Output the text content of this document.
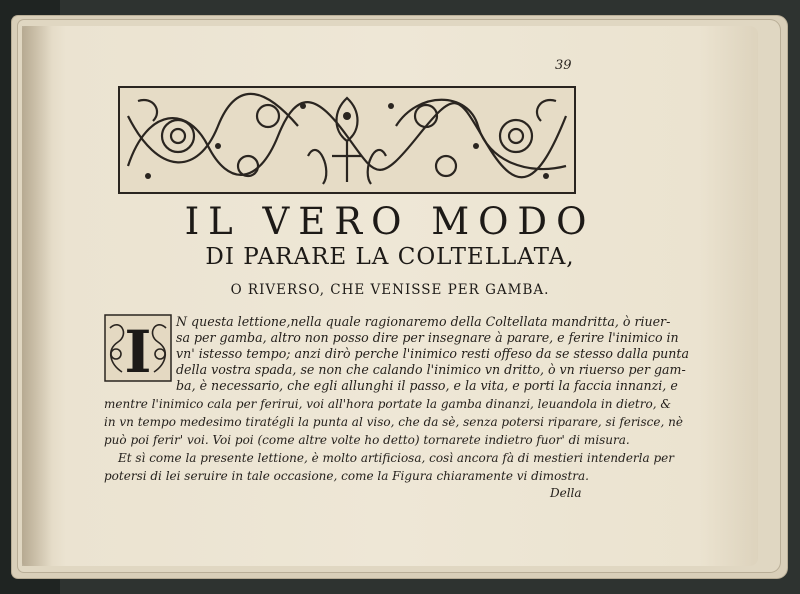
39
IL VERO MODO
DI PARARE LA COLTELLATA,
O RIVERSO, CHE VENISSE PER GAMBA.
I N questa lettione,nella quale ragionaremo della Coltellata mandritta, ò riuer-
sa per gamba, altro non posso dire per insegnare à parare, e ferire l'inimico in
vn' istesso tempo; anzi dirò perche l'inimico resti offeso da se stesso dalla punta
della vostra spada, se non che calando l'inimico vn dritto, ò vn riuerso per gam-
ba, è necessario, che egli allunghi il passo, e la vita, e porti la faccia innanzi, e
mentre l'inimico cala per ferirui, voi all'hora portate la gamba dinanzi, leuandola in dietro, &
in vn tempo medesimo tiratégli la punta al viso, che da sè, senza potersi riparare, si ferisce, nè
può poi ferir' voi. Voi poi (come altre volte ho detto) tornarete indietro fuor' di misura.
Et sì come la presente lettione, è molto artificiosa, così ancora fà di mestieri intenderla per
potersi di lei seruire in tale occasione, come la Figura chiaramente vi dimostra.
Della
